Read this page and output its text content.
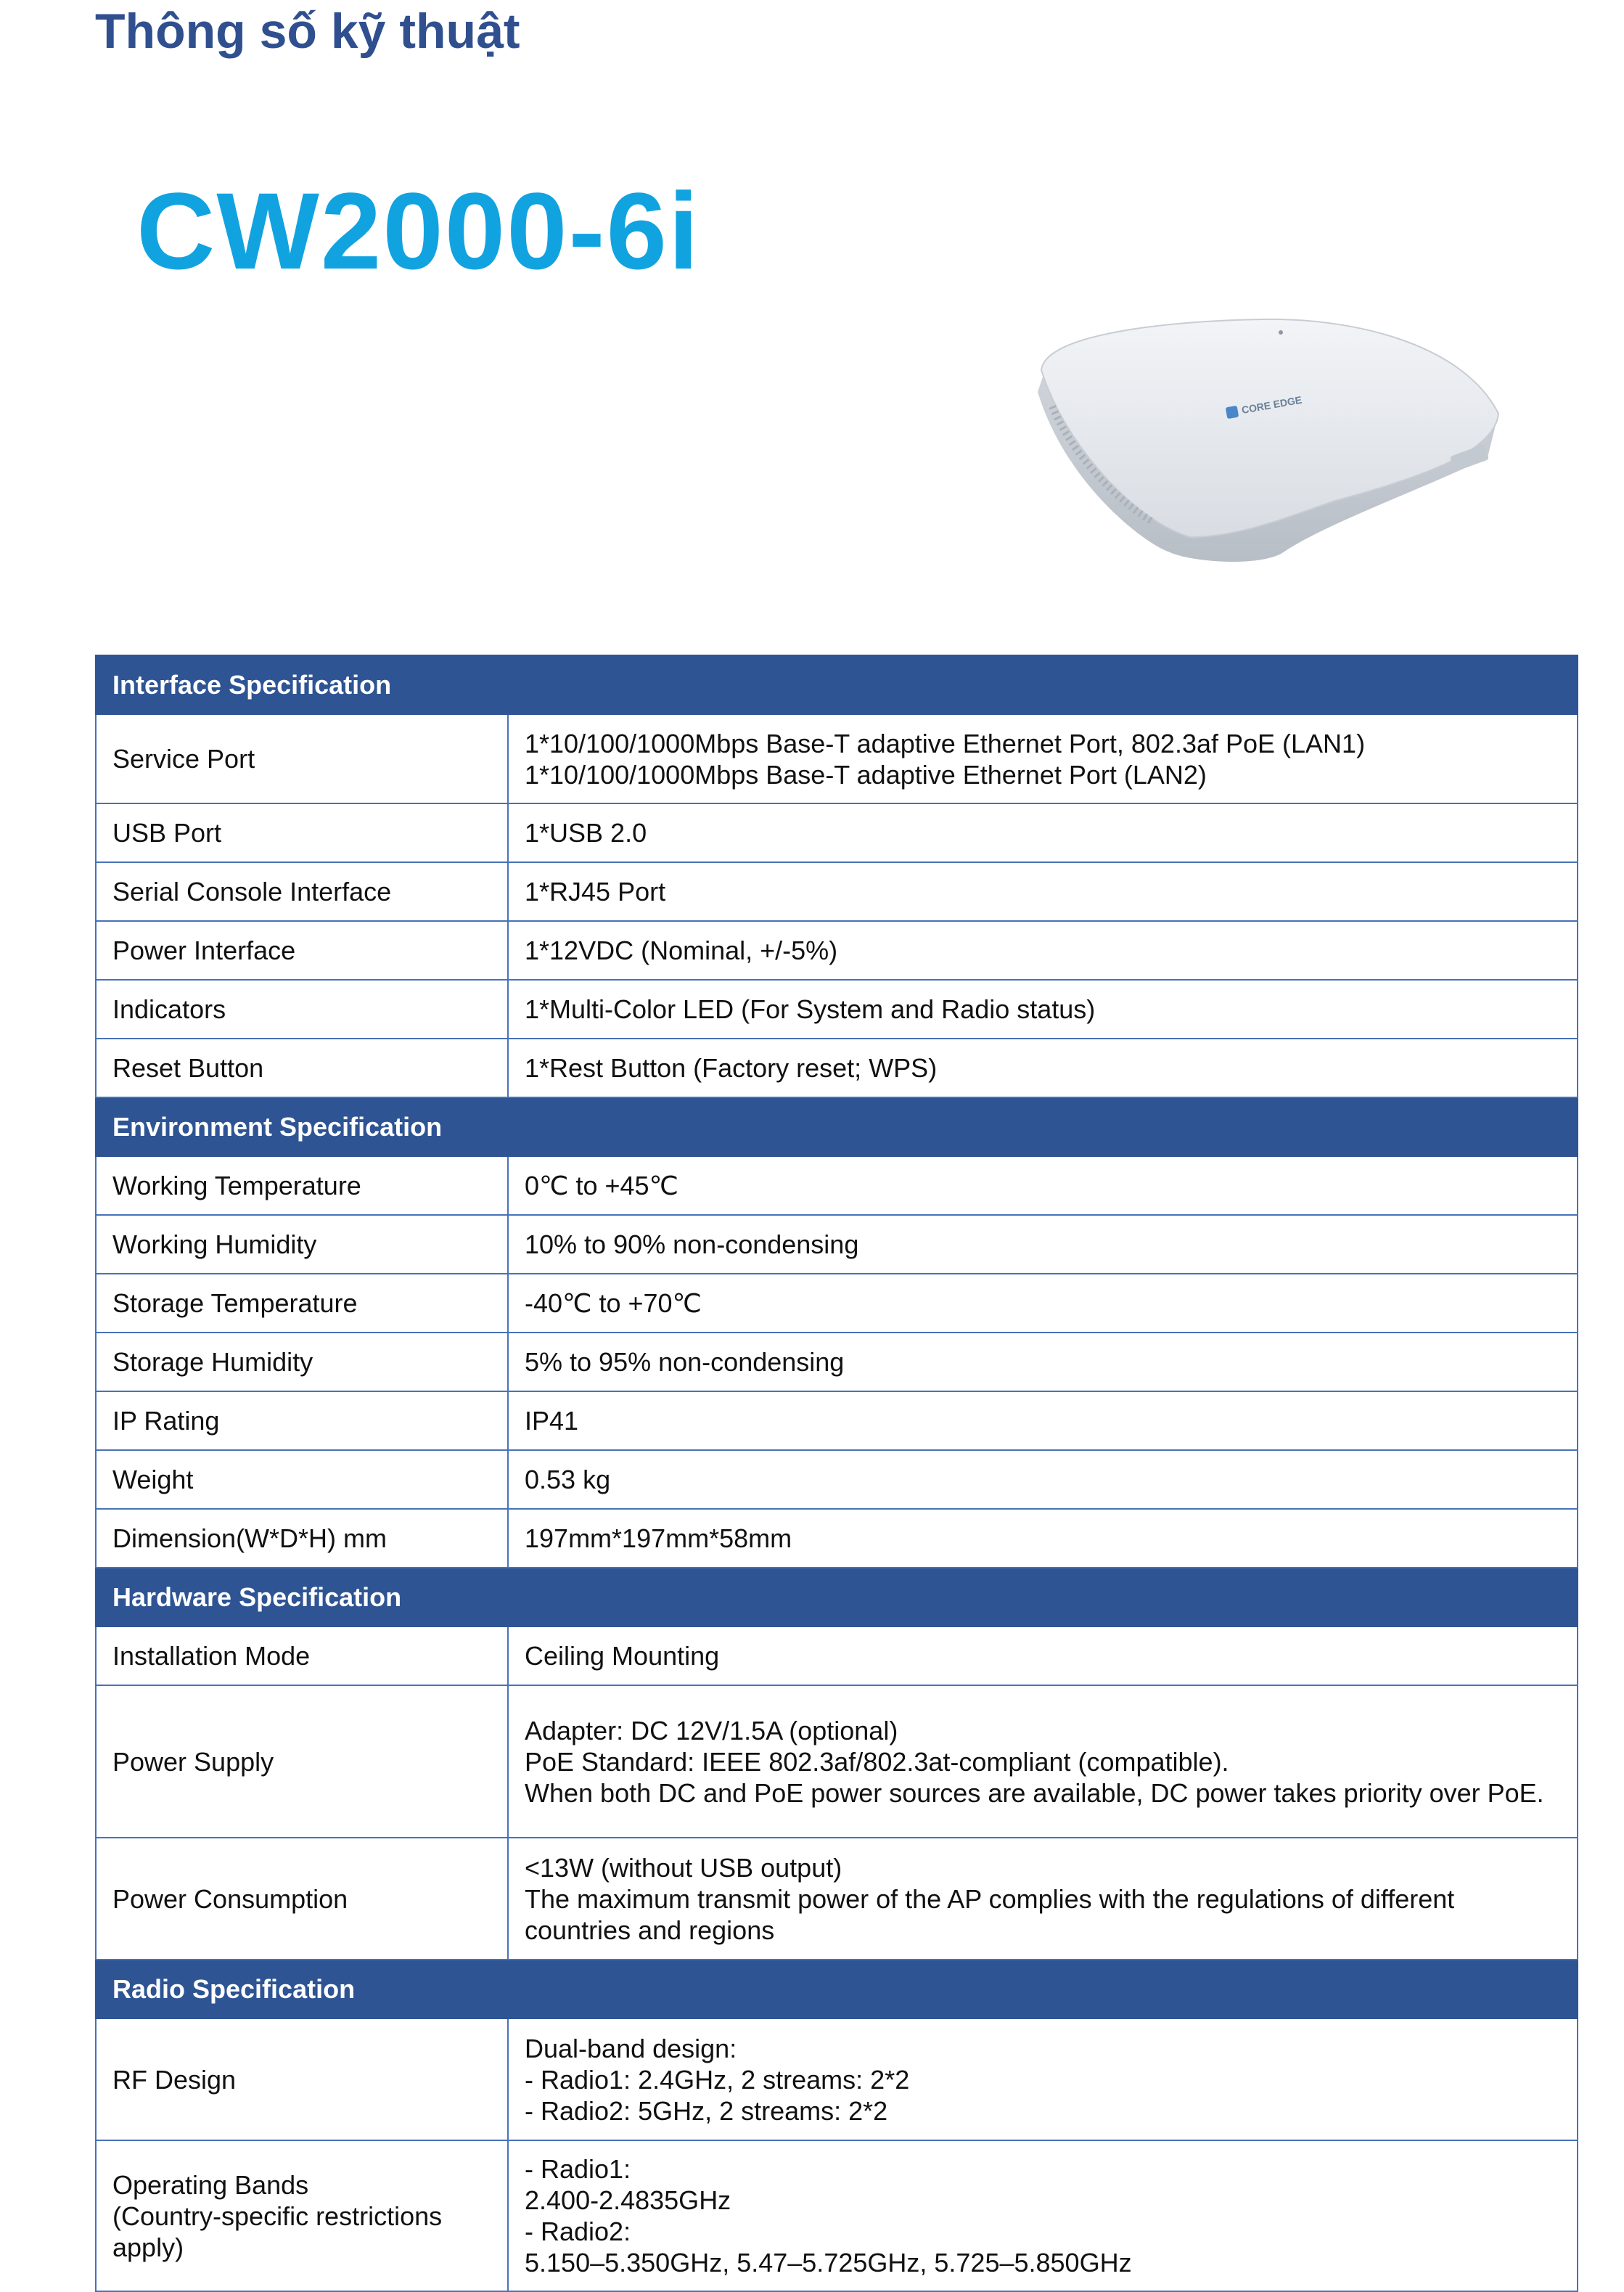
Thông số kỹ thuật
CW2000-6i
CORE EDGE
Interface Specification	
Service Port	1*10/100/1000Mbps Base-T adaptive Ethernet Port, 802.3af PoE (LAN1)
1*10/100/1000Mbps Base-T adaptive Ethernet Port (LAN2)
USB Port	1*USB 2.0
Serial Console Interface	1*RJ45 Port
Power Interface	1*12VDC (Nominal, +/-5%)
Indicators	1*Multi-Color LED (For System and Radio status)
Reset Button	1*Rest Button (Factory reset; WPS)
Environment Specification	
Working Temperature	0℃ to +45℃
Working Humidity	10% to 90% non-condensing
Storage Temperature	-40℃ to +70℃
Storage Humidity	5% to 95% non-condensing
IP Rating	IP41
Weight	0.53 kg
Dimension(W*D*H) mm	197mm*197mm*58mm
Hardware Specification	
Installation Mode	Ceiling Mounting
Power Supply	Adapter: DC 12V/1.5A (optional)
PoE Standard: IEEE 802.3af/802.3at-compliant (compatible).
When both DC and PoE power sources are available, DC power takes priority over PoE.
Power Consumption	<13W (without USB output)
The maximum transmit power of the AP complies with the regulations of different countries and regions
Radio Specification	
RF Design	Dual-band design:
- Radio1: 2.4GHz, 2 streams: 2*2
- Radio2: 5GHz, 2 streams: 2*2
Operating Bands
(Country-specific restrictions apply)	- Radio1:
2.400-2.4835GHz
- Radio2:
5.150–5.350GHz, 5.47–5.725GHz, 5.725–5.850GHz
